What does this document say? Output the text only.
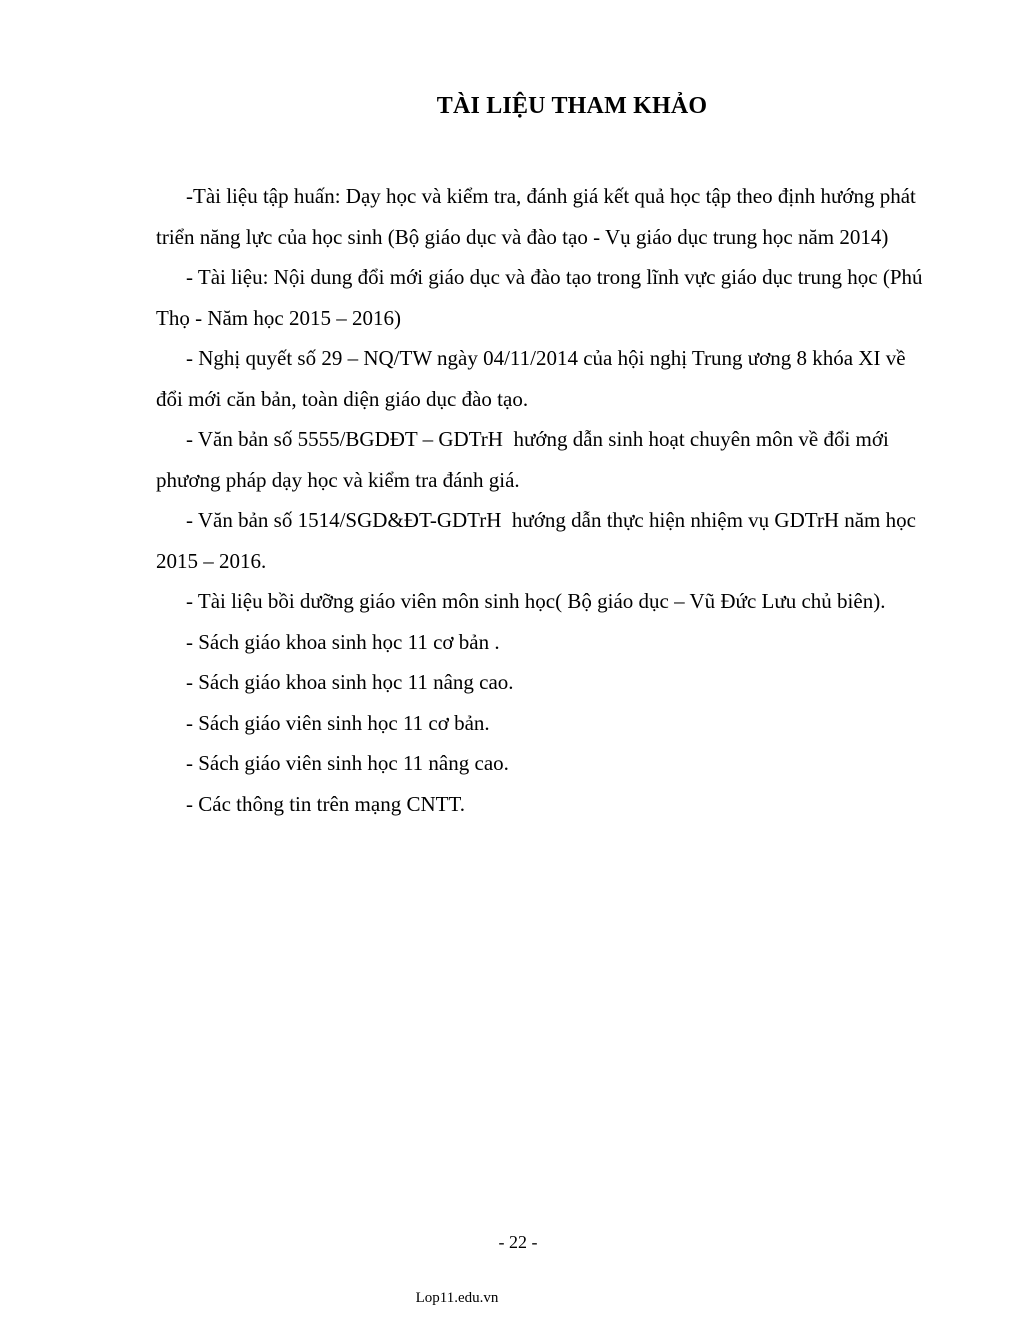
TÀI LIỆU THAM KHẢO

-Tài liệu tập huấn: Dạy học và kiểm tra, đánh giá kết quả học tập theo định hướng phát triển năng lực của học sinh (Bộ giáo dục và đào tạo - Vụ giáo dục trung học năm 2014)

- Tài liệu: Nội dung đổi mới giáo dục và đào tạo trong lĩnh vực giáo dục trung học (Phú Thọ - Năm học 2015 – 2016)

- Nghị quyết số 29 – NQ/TW ngày 04/11/2014 của hội nghị Trung ương 8 khóa XI về đổi mới căn bản, toàn diện giáo dục đào tạo.

- Văn bản số 5555/BGDĐT – GDTrH  hướng dẫn sinh hoạt chuyên môn về đổi mới phương pháp dạy học và kiểm tra đánh giá.

- Văn bản số 1514/SGD&ĐT-GDTrH  hướng dẫn thực hiện nhiệm vụ GDTrH năm học 2015 – 2016.

- Tài liệu bồi dưỡng giáo viên môn sinh học( Bộ giáo dục – Vũ Đức Lưu chủ biên).

- Sách giáo khoa sinh học 11 cơ bản .

- Sách giáo khoa sinh học 11 nâng cao.

- Sách giáo viên sinh học 11 cơ bản.

- Sách giáo viên sinh học 11 nâng cao.

- Các thông tin trên mạng CNTT.

- 22 -
Lop11.edu.vn
